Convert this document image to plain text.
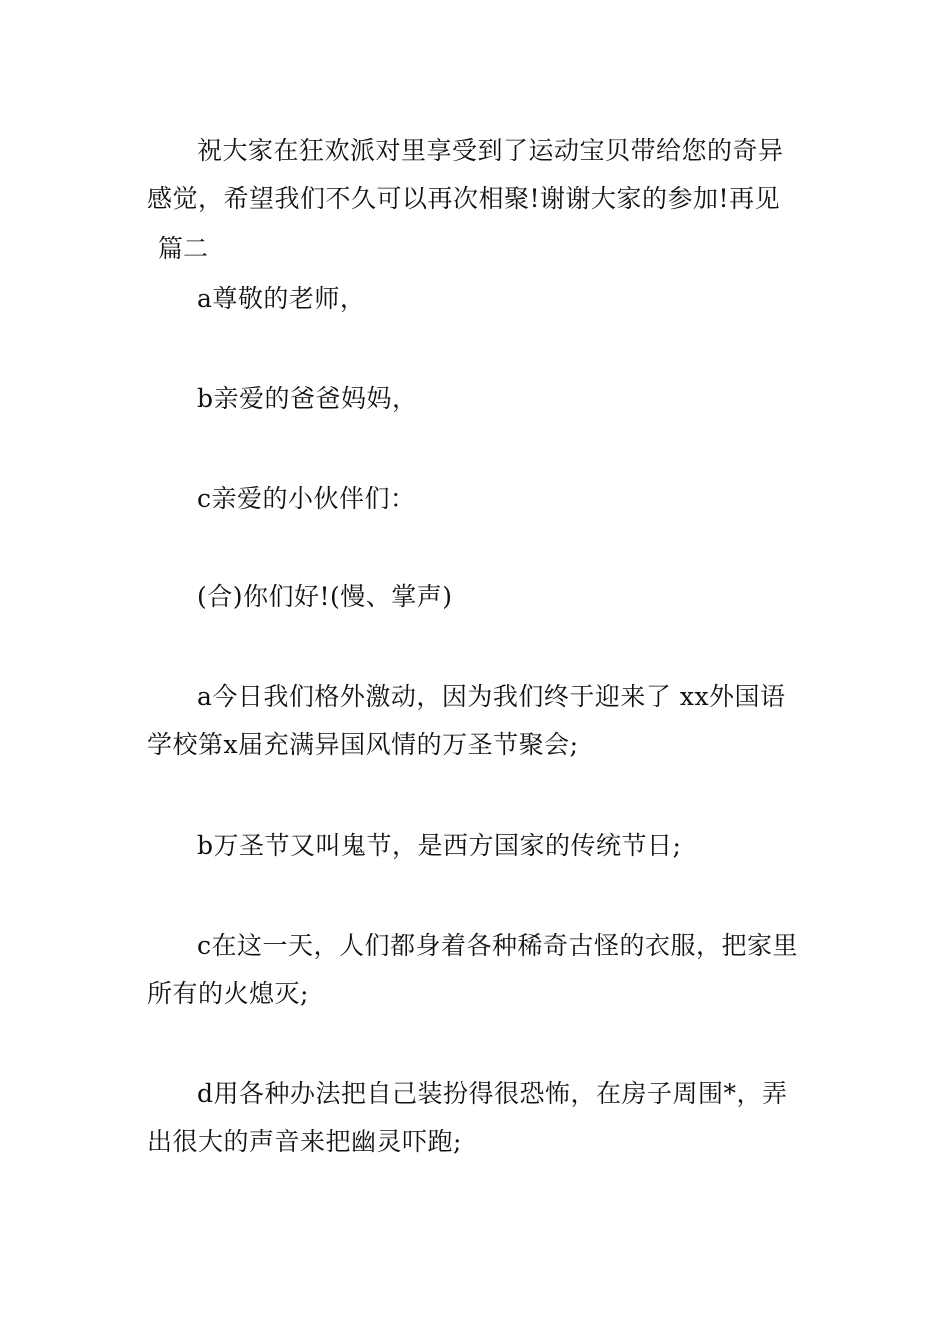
祝大家在狂欢派对里享受到了运动宝贝带给您的奇异感觉，希望我们不久可以再次相聚!谢谢大家的参加!再见

篇二

a尊敬的老师，

b亲爱的爸爸妈妈，

c亲爱的小伙伴们：

(合)你们好!(慢、掌声)

a今日我们格外激动，因为我们终于迎来了 xx外国语学校第x届充满异国风情的万圣节聚会;

b万圣节又叫鬼节，是西方国家的传统节日;

c在这一天，人们都身着各种稀奇古怪的衣服，把家里所有的火熄灭;

d用各种办法把自己装扮得很恐怖，在房子周围*，弄出很大的声音来把幽灵吓跑;
